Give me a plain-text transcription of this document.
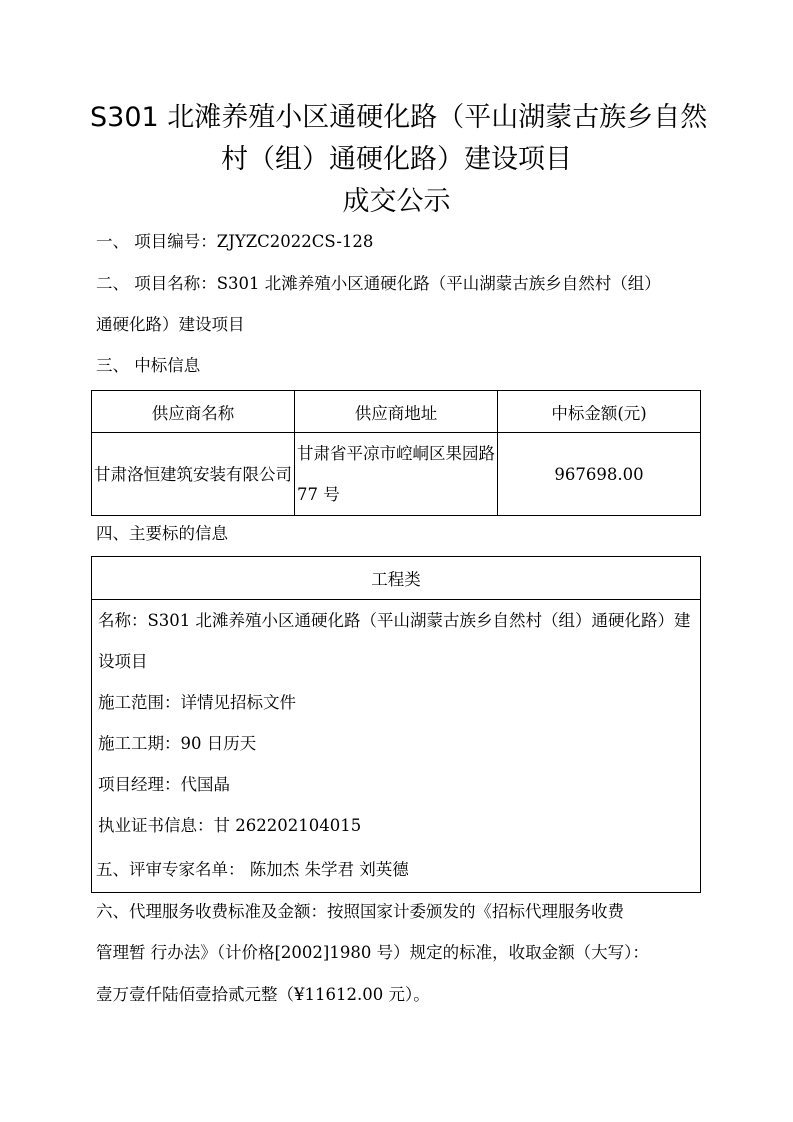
S301 北滩养殖小区通硬化路（平山湖蒙古族乡自然
村（组）通硬化路）建设项目
成交公示
一、 项目编号：ZJYZC2022CS-128
二、 项目名称：S301 北滩养殖小区通硬化路（平山湖蒙古族乡自然村（组）
通硬化路）建设项目
三、 中标信息
供应商名称	供应商地址	中标金额(元)

甘肃洛恒建筑安装有限公司	甘肃省平凉市崆峒区果园路 77 号	967698.00
四、主要标的信息
工程类

名称：S301 北滩养殖小区通硬化路（平山湖蒙古族乡自然村（组）通硬化路）建设项目
施工范围：详情见招标文件
施工工期：90 日历天
项目经理：代国晶
执业证书信息：甘 262202104015
五、评审专家名单： 陈加杰 朱学君 刘英德
六、代理服务收费标准及金额：按照国家计委颁发的《招标代理服务收费
管理暂 行办法》（计价格[2002]1980 号）规定的标准，收取金额（大写）：
壹万壹仟陆佰壹拾贰元整（¥11612.00 元）。
